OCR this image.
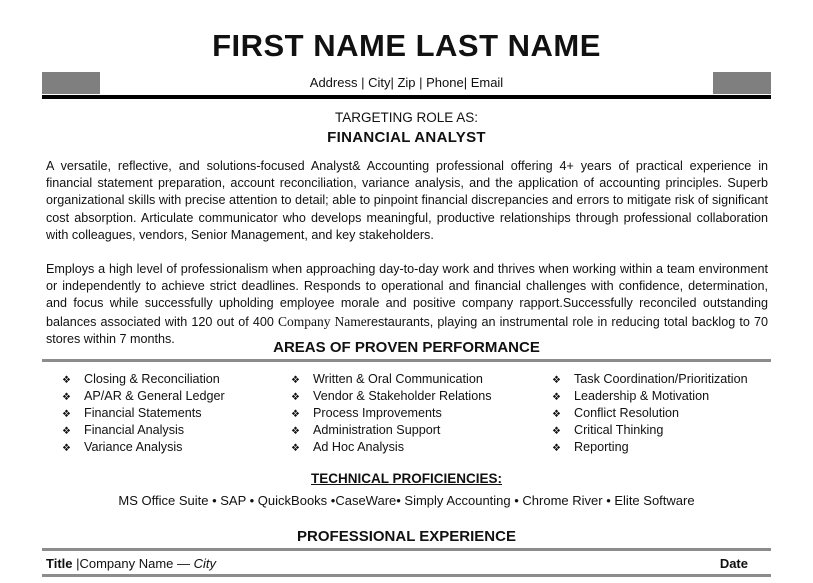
FIRST NAME LAST NAME
Address | City| Zip | Phone| Email
TARGETING ROLE AS:
FINANCIAL ANALYST
A versatile, reflective, and solutions-focused Analyst& Accounting professional offering 4+ years of practical experience in financial statement preparation, account reconciliation, variance analysis, and the application of accounting principles. Superb organizational skills with precise attention to detail; able to pinpoint financial discrepancies and errors to mitigate risk of significant cost absorption. Articulate communicator who develops meaningful, productive relationships through professional collaboration with colleagues, vendors, Senior Management, and key stakeholders.
Employs a high level of professionalism when approaching day-to-day work and thrives when working within a team environment or independently to achieve strict deadlines. Responds to operational and financial challenges with confidence, determination, and focus while successfully upholding employee morale and positive company rapport.Successfully reconciled outstanding balances associated with 120 out of 400 Company Namerestaurants, playing an instrumental role in reducing total backlog to 70 stores within 7 months.
AREAS OF PROVEN PERFORMANCE
❖ Closing & Reconciliation
❖ AP/AR & General Ledger
❖ Financial Statements
❖ Financial Analysis
❖ Variance Analysis
❖ Written & Oral Communication
❖ Vendor & Stakeholder Relations
❖ Process Improvements
❖ Administration Support
❖ Ad Hoc Analysis
❖ Task Coordination/Prioritization
❖ Leadership & Motivation
❖ Conflict Resolution
❖ Critical Thinking
❖ Reporting
TECHNICAL PROFICIENCIES:
MS Office Suite • SAP • QuickBooks •CaseWare• Simply Accounting • Chrome River • Elite Software
PROFESSIONAL EXPERIENCE
Title |Company Name — City	Date
